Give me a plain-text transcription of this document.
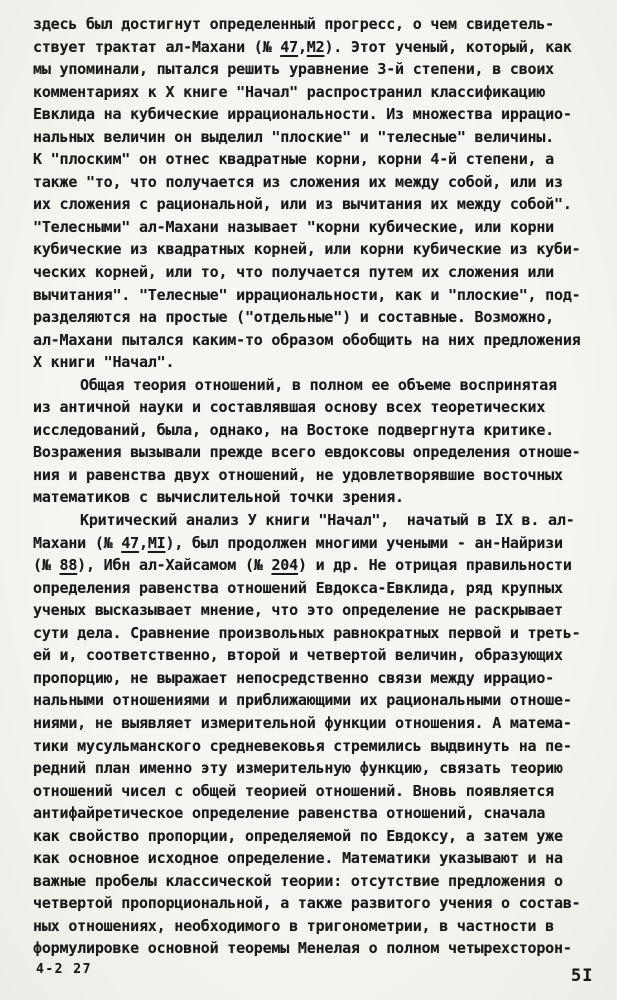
здесь был достигнут определенный прогресс, о чем свидетель-
ствует трактат ал-Махани (№ 47,М2). Этот ученый, который, как
мы упоминали, пытался решить уравнение 3-й степени, в своих
комментариях к X книге "Начал" распространил классификацию
Евклида на кубические иррациональности. Из множества иррацио-
нальных величин он выделил "плоские" и "телесные" величины.
К "плоским" он отнес квадратные корни, корни 4-й степени, а
также "то, что получается из сложения их между собой, или из
их сложения с рациональной, или из вычитания их между собой".
"Телесными" ал-Махани называет "корни кубические, или корни
кубические из квадратных корней, или корни кубические из куби-
ческих корней, или то, что получается путем их сложения или
вычитания". "Телесные" иррациональности, как и "плоские", под-
разделяются на простые ("отдельные") и составные. Возможно,
ал-Махани пытался каким-то образом обобщить на них предложения
Х книги "Начал".
Общая теория отношений, в полном ее объеме воспринятая
из античной науки и составлявшая основу всех теоретических
исследований, была, однако, на Востоке подвергнута критике.
Возражения вызывали прежде всего евдоксовы определения отноше-
ния и равенства двух отношений, не удовлетворявшие восточных
математиков с вычислительной точки зрения.
Критический анализ У книги "Начал",  начатый в IX в. ал-
Махани (№ 47,МI), был продолжен многими учеными - ан-Найризи
(№ 88), Ибн ал-Хайсамом (№ 204) и др. Не отрицая правильности
определения равенства отношений Евдокса-Евклида, ряд крупных
ученых высказывает мнение, что это определение не раскрывает
сути дела. Сравнение произвольных равнократных первой и треть-
ей и, соответственно, второй и четвертой величин, образующих
пропорцию, не выражает непосредственно связи между иррацио-
нальными отношениями и приближающими их рациональными отноше-
ниями, не выявляет измерительной функции отношения. А матема-
тики мусульманского средневековья стремились выдвинуть на пе-
редний план именно эту измерительную функцию, связать теорию
отношений чисел с общей теорией отношений. Вновь появляется
антифайретическое определение равенства отношений, сначала
как свойство пропорции, определяемой по Евдоксу, а затем уже
как основное исходное определение. Математики указывают и на
важные пробелы классической теории: отсутствие предложения о
четвертой пропорциональной, а также развитого учения о состав-
ных отношениях, необходимого в тригонометрии, в частности в
формулировке основной теоремы Менелая о полном четырехсторон-
4-2 27	5I
